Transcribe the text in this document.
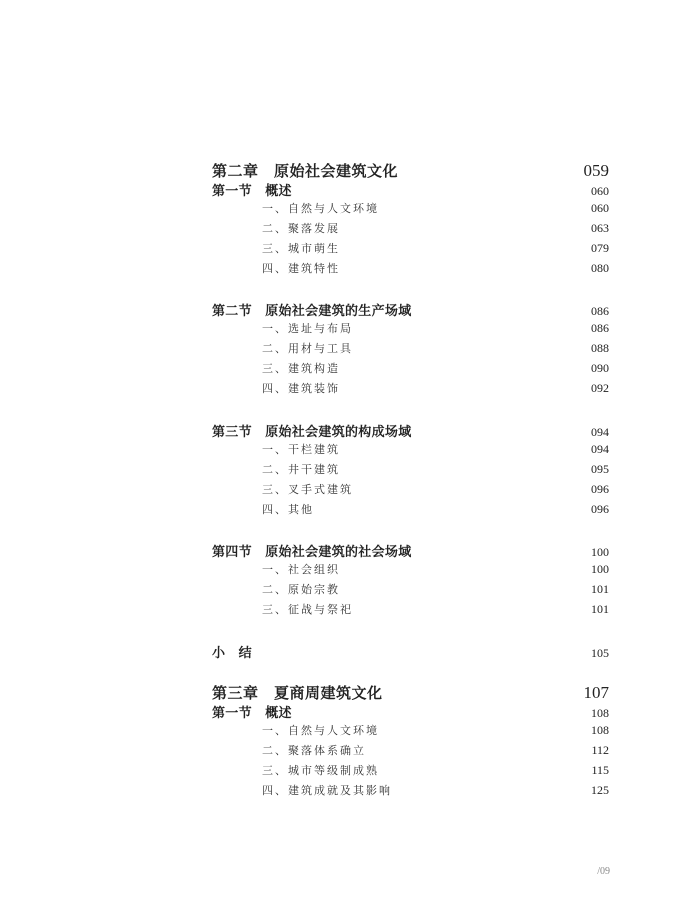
第二章　原始社会建筑文化	059
第一节　概述	060
一、自然与人文环境	060
二、聚落发展	063
三、城市萌生	079
四、建筑特性	080
第二节　原始社会建筑的生产场域	086
一、选址与布局	086
二、用材与工具	088
三、建筑构造	090
四、建筑装饰	092
第三节　原始社会建筑的构成场域	094
一、干栏建筑	094
二、井干建筑	095
三、叉手式建筑	096
四、其他	096
第四节　原始社会建筑的社会场域	100
一、社会组织	100
二、原始宗教	101
三、征战与祭祀	101
小　结	105
第三章　夏商周建筑文化	107
第一节　概述	108
一、自然与人文环境	108
二、聚落体系确立	112
三、城市等级制成熟	115
四、建筑成就及其影响	125
/09
